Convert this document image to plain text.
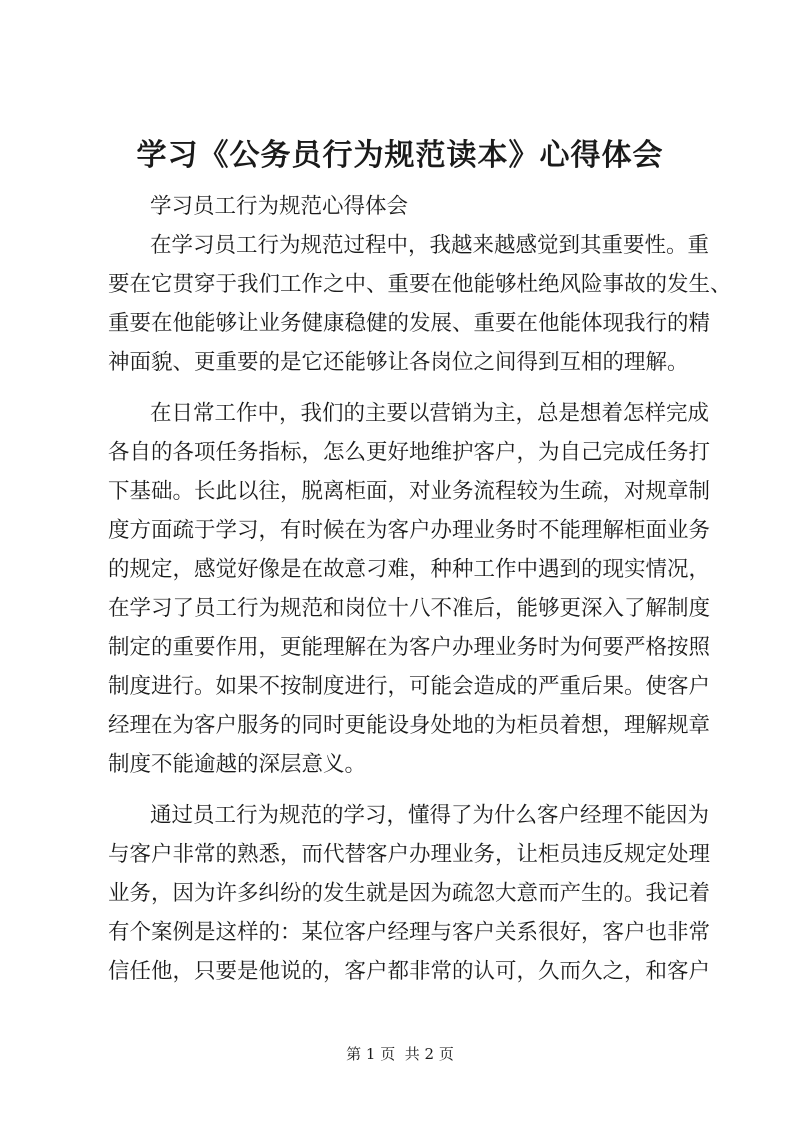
学习《公务员行为规范读本》心得体会
学习员工行为规范心得体会
在学习员工行为规范过程中，我越来越感觉到其重要性。重
要在它贯穿于我们工作之中、重要在他能够杜绝风险事故的发生、
重要在他能够让业务健康稳健的发展、重要在他能体现我行的精
神面貌、更重要的是它还能够让各岗位之间得到互相的理解。
在日常工作中，我们的主要以营销为主，总是想着怎样完成
各自的各项任务指标，怎么更好地维护客户，为自己完成任务打
下基础。长此以往，脱离柜面，对业务流程较为生疏，对规章制
度方面疏于学习，有时候在为客户办理业务时不能理解柜面业务
的规定，感觉好像是在故意刁难，种种工作中遇到的现实情况，
在学习了员工行为规范和岗位十八不准后，能够更深入了解制度
制定的重要作用，更能理解在为客户办理业务时为何要严格按照
制度进行。如果不按制度进行，可能会造成的严重后果。使客户
经理在为客户服务的同时更能设身处地的为柜员着想，理解规章
制度不能逾越的深层意义。
通过员工行为规范的学习，懂得了为什么客户经理不能因为
与客户非常的熟悉，而代替客户办理业务，让柜员违反规定处理
业务，因为许多纠纷的发生就是因为疏忽大意而产生的。我记着
有个案例是这样的：某位客户经理与客户关系很好，客户也非常
信任他，只要是他说的，客户都非常的认可，久而久之，和客户
第 1 页  共 2 页
